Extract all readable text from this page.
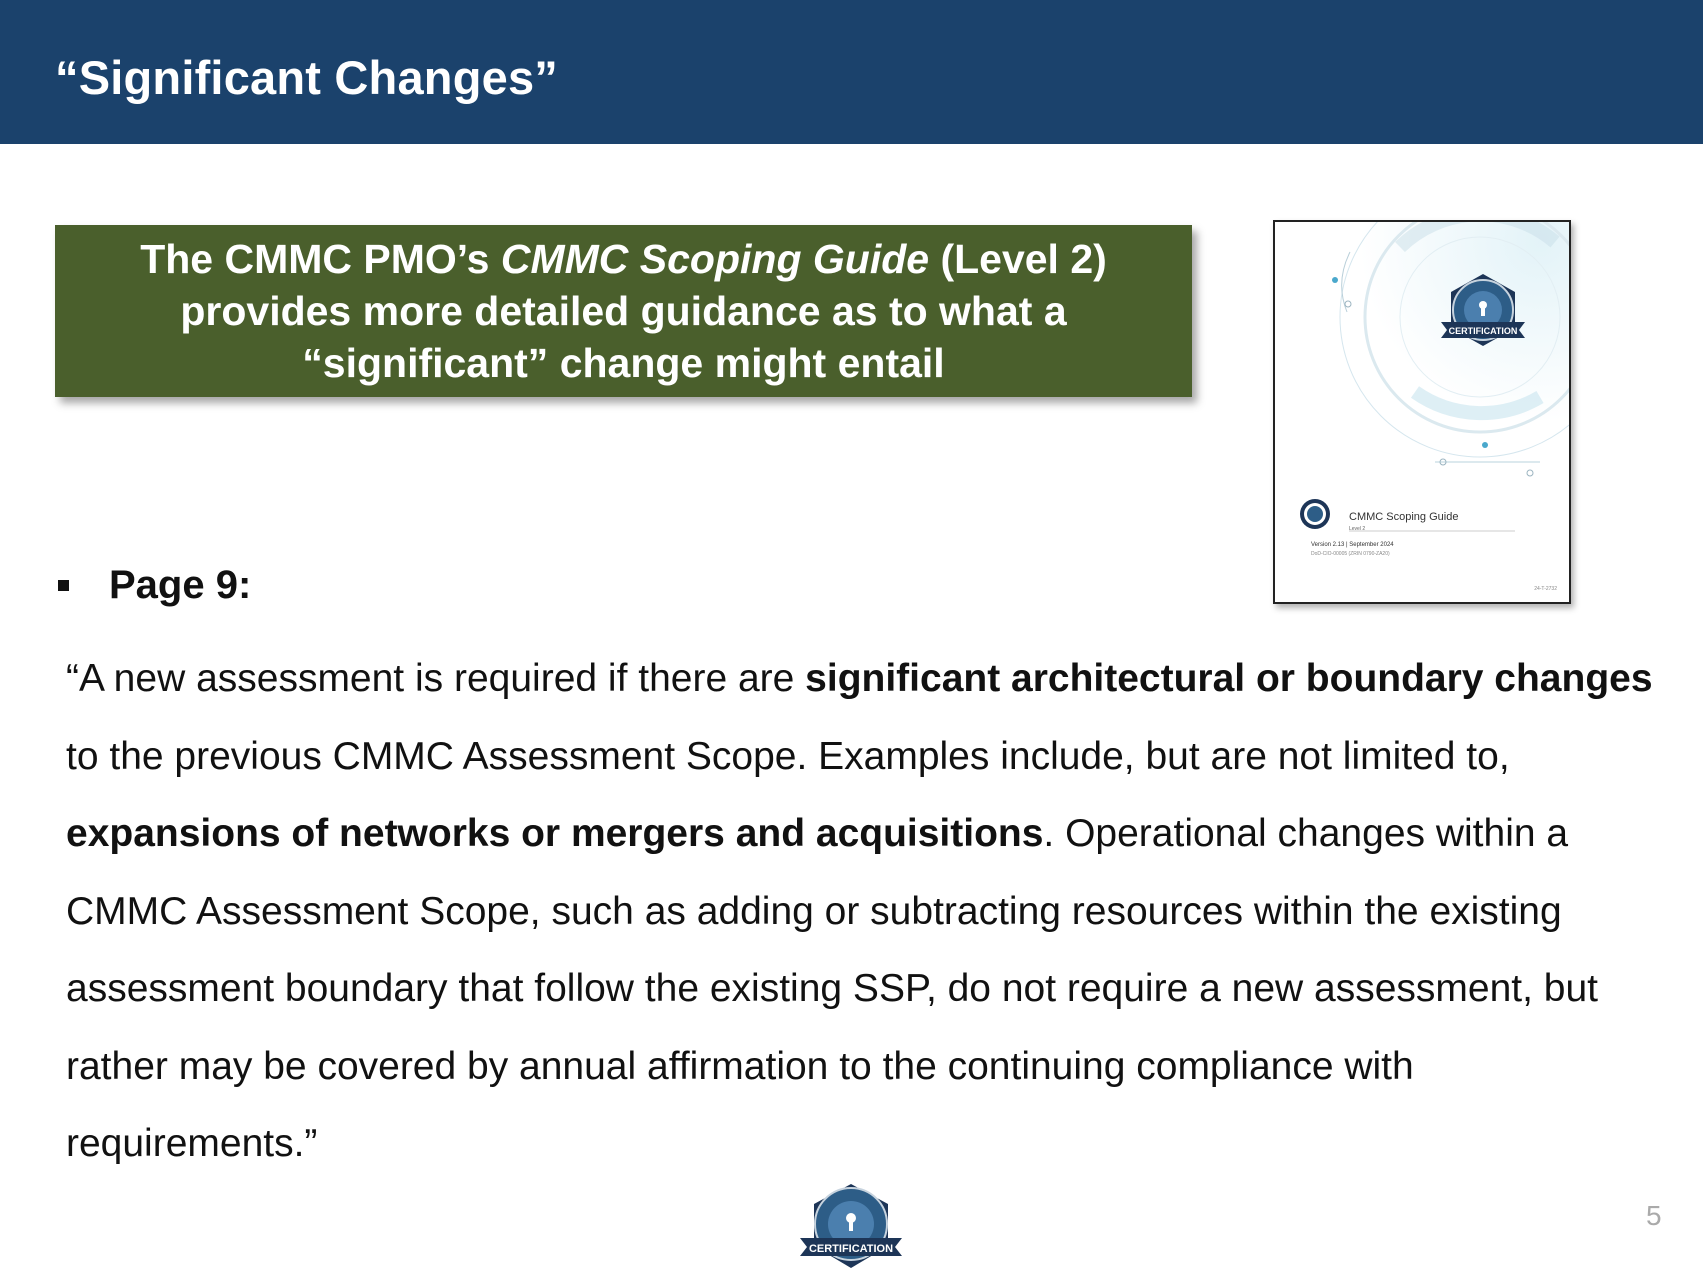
“Significant Changes”
The CMMC PMO’s CMMC Scoping Guide (Level 2)
provides more detailed guidance as to what a
“significant” change might entail
CERTIFICATION
CMMC Scoping Guide
Level 2
Version 2.13 | September 2024
DoD-CIO-00005 (ZRIN 0790-ZA20)
24-T-2732
Page 9:
“A new assessment is required if there are significant architectural or boundary changes to the previous CMMC Assessment Scope. Examples include, but are not limited to, expansions of networks or mergers and acquisitions. Operational changes within a CMMC Assessment Scope, such as adding or subtracting resources within the existing assessment boundary that follow the existing SSP, do not require a new assessment, but rather may be covered by annual affirmation to the continuing compliance with requirements.”
CERTIFICATION
5
